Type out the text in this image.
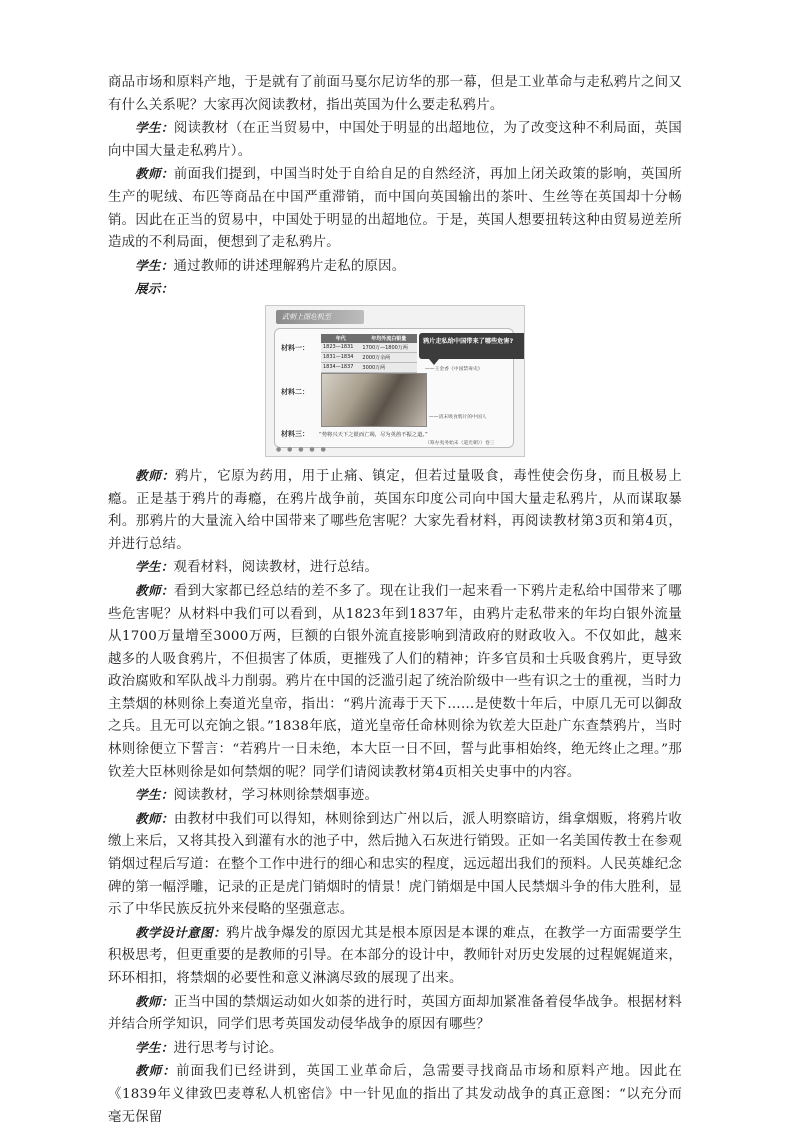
商品市场和原料产地，于是就有了前面马戛尔尼访华的那一幕，但是工业革命与走私鸦片之间又有什么关系呢？大家再次阅读教材，指出英国为什么要走私鸦片。

学生：阅读教材（在正当贸易中，中国处于明显的出超地位，为了改变这种不利局面，英国向中国大量走私鸦片）。

教师：前面我们提到，中国当时处于自给自足的自然经济，再加上闭关政策的影响，英国所生产的呢绒、布匹等商品在中国严重滞销，而中国向英国输出的茶叶、生丝等在英国却十分畅销。因此在正当的贸易中，中国处于明显的出超地位。于是，英国人想要扭转这种由贸易逆差所造成的不利局面，便想到了走私鸦片。

学生：通过教师的讲述理解鸦片走私的原因。

展示：

武朝上图危机至
材料一：
年代	年均外流白银量
1823—1831	1700万—1800万两
1831—1834	2000万余两
1834—1837	3000万两
鸦片走私给中国带来了哪些危害?
——王金香《中国禁毒史》
材料二：
——清末吸食鸦片的中国人
材料三： “势将兴天下之银而亡竭，尽为英酋不振之道。”
（筹办夷务始末（道光朝））卷三
● ● ● ● ●

教师：鸦片，它原为药用，用于止痛、镇定，但若过量吸食，毒性使会伤身，而且极易上瘾。正是基于鸦片的毒瘾，在鸦片战争前，英国东印度公司向中国大量走私鸦片，从而谋取暴利。那鸦片的大量流入给中国带来了哪些危害呢？大家先看材料，再阅读教材第3页和第4页，并进行总结。

学生：观看材料，阅读教材，进行总结。

教师：看到大家都已经总结的差不多了。现在让我们一起来看一下鸦片走私给中国带来了哪些危害呢？从材料中我们可以看到，从1823年到1837年，由鸦片走私带来的年均白银外流量从1700万量增至3000万两，巨额的白银外流直接影响到清政府的财政收入。不仅如此，越来越多的人吸食鸦片，不但损害了体质，更摧残了人们的精神；许多官员和士兵吸食鸦片，更导致政治腐败和军队战斗力削弱。鸦片在中国的泛滥引起了统治阶级中一些有识之士的重视，当时力主禁烟的林则徐上奏道光皇帝，指出：“鸦片流毒于天下……是使数十年后，中原几无可以御敌之兵。且无可以充饷之银。”1838年底，道光皇帝任命林则徐为钦差大臣赴广东查禁鸦片，当时林则徐便立下誓言：“若鸦片一日未绝，本大臣一日不回，誓与此事相始终，绝无终止之理。”那钦差大臣林则徐是如何禁烟的呢？同学们请阅读教材第4页相关史事中的内容。

学生：阅读教材，学习林则徐禁烟事迹。

教师：由教材中我们可以得知，林则徐到达广州以后，派人明察暗访，缉拿烟贩，将鸦片收缴上来后，又将其投入到灌有水的池子中，然后抛入石灰进行销毁。正如一名美国传教士在参观销烟过程后写道：在整个工作中进行的细心和忠实的程度，远远超出我们的预料。人民英雄纪念碑的第一幅浮雕，记录的正是虎门销烟时的情景！虎门销烟是中国人民禁烟斗争的伟大胜利，显示了中华民族反抗外来侵略的坚强意志。

教学设计意图：鸦片战争爆发的原因尤其是根本原因是本课的难点，在教学一方面需要学生积极思考，但更重要的是教师的引导。在本部分的设计中，教师针对历史发展的过程娓娓道来，环环相扣，将禁烟的必要性和意义淋漓尽致的展现了出来。

教师：正当中国的禁烟运动如火如荼的进行时，英国方面却加紧准备着侵华战争。根据材料并结合所学知识，同学们思考英国发动侵华战争的原因有哪些？

学生：进行思考与讨论。

教师：前面我们已经讲到，英国工业革命后，急需要寻找商品市场和原料产地。因此在《1839年义律致巴麦尊私人机密信》中一针见血的指出了其发动战争的真正意图：“以充分而毫无保留
